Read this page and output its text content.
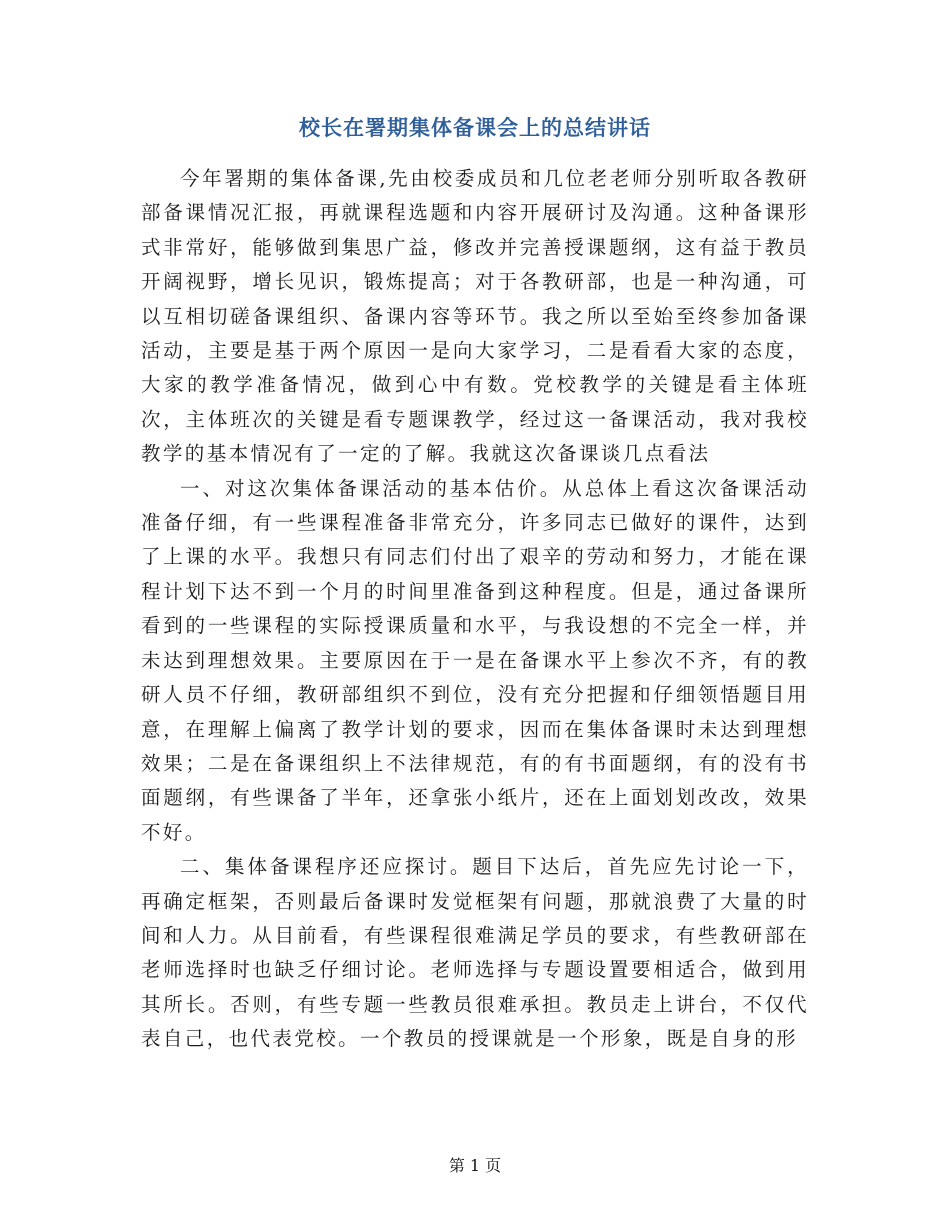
校长在署期集体备课会上的总结讲话

今年署期的集体备课,先由校委成员和几位老老师分别听取各教研部备课情况汇报，再就课程选题和内容开展研讨及沟通。这种备课形式非常好，能够做到集思广益，修改并完善授课题纲，这有益于教员开阔视野，增长见识，锻炼提高；对于各教研部，也是一种沟通，可以互相切磋备课组织、备课内容等环节。我之所以至始至终参加备课活动，主要是基于两个原因一是向大家学习，二是看看大家的态度，大家的教学准备情况，做到心中有数。党校教学的关键是看主体班次，主体班次的关键是看专题课教学，经过这一备课活动，我对我校教学的基本情况有了一定的了解。我就这次备课谈几点看法

一、对这次集体备课活动的基本估价。从总体上看这次备课活动准备仔细，有一些课程准备非常充分，许多同志已做好的课件，达到了上课的水平。我想只有同志们付出了艰辛的劳动和努力，才能在课程计划下达不到一个月的时间里准备到这种程度。但是，通过备课所看到的一些课程的实际授课质量和水平，与我设想的不完全一样，并未达到理想效果。主要原因在于一是在备课水平上参次不齐，有的教研人员不仔细，教研部组织不到位，没有充分把握和仔细领悟题目用意，在理解上偏离了教学计划的要求，因而在集体备课时未达到理想效果；二是在备课组织上不法律规范，有的有书面题纲，有的没有书面题纲，有些课备了半年，还拿张小纸片，还在上面划划改改，效果不好。

二、集体备课程序还应探讨。题目下达后，首先应先讨论一下，再确定框架，否则最后备课时发觉框架有问题，那就浪费了大量的时间和人力。从目前看，有些课程很难满足学员的要求，有些教研部在老师选择时也缺乏仔细讨论。老师选择与专题设置要相适合，做到用其所长。否则，有些专题一些教员很难承担。教员走上讲台，不仅代表自己，也代表党校。一个教员的授课就是一个形象，既是自身的形

第 1 页
